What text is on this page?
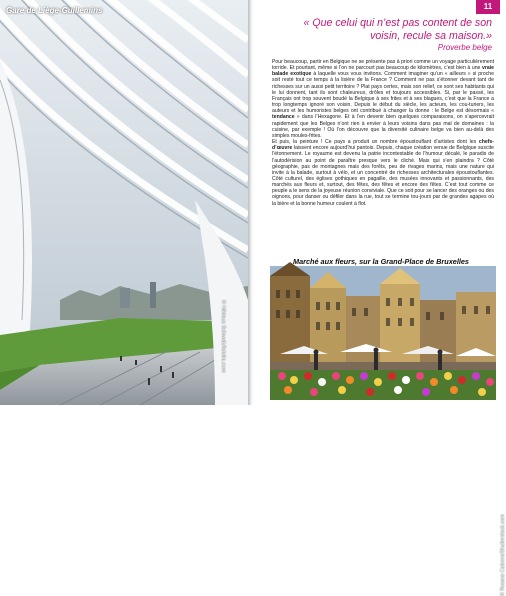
Gare de Liège-Guillemins
© Niklaus Schwab/fotolia.com
11
« Que celui qui n’est pas content de son voisin, recule sa maison.»
Proverbe belge

Pour beaucoup, partir en Belgique ne se présente pas à priori comme un voyage particulièrement torride. Et pourtant, même si l’on ne parcourt pas beaucoup de kilomètres, c’est bien à une vraie balade exotique à laquelle vous vous invitons. Comment imaginer qu’un « ailleurs » si proche soit resté tout ce temps à la lisière de la France ? Comment ne pas s’étonner devant tant de richesses sur un aussi petit territoire ? Plat pays certes, mais son relief, ce sont ses habitants qui le lui donnent, tant ils sont chaleureux, drôles et toujours accessibles. Si, par le passé, les Français ont trop souvent boudé la Belgique à ses frites et à ses blagues, c’est que la France a trop longtemps ignoré son voisin. Depuis le début du siècle, les acteurs, les cou-turiers, les auteurs et les humoristes belges ont contribué à changer la donne : le Belge est désormais « tendance » dans l’Hexagone. Et à l’en devenir bien quelques comparaisons, on s’apercevrait rapidement que les Belges n’ont rien à envier à leurs voisins dans pas mal de domaines : la cuisine, par exemple ! Où l’on découvre que la diversité culinaire belge va bien au-delà des simples moules-frites.

Et puis, la peinture ! Ce pays a produit un nombre époustouflant d’artistes dont les chefs-d’œuvre laissent encore aujourd’hui pantois. Depuis, chaque création venue de Belgique suscite l’étonnement. Le royaume est devenu la patrie incontestable de l’humour décalé, le paradis de l’autodérision au point de paraître presque vers le cliché. Mais qui s’en plaindra ? Côté géographie, pas de montagnes mais des forêts, peu de rivages marins, mais une nature qui invite à la balade, surtout à vélo, et un concentré de richesses architecturales époustouflantes. Côté culturel, des églises gothiques en pagaille, des musées innovants et passionnants, des marchés aux fleurs et, surtout, des fêtes, des fêtes et encore des fêtes. C’est tout comme ce peuple a le sens de la joyeuse réunion conviviale. Que ce soit pour se lancer des oranges ou des oignons, pour danser ou défiler dans la rue, tout se termine tou-jours par de grandes agapes où la bière et la bonne humeur coulent à flot.

Marché aux fleurs, sur la Grand-Place de Bruxelles
© Rosana Cabrera/Shutterstock.com
